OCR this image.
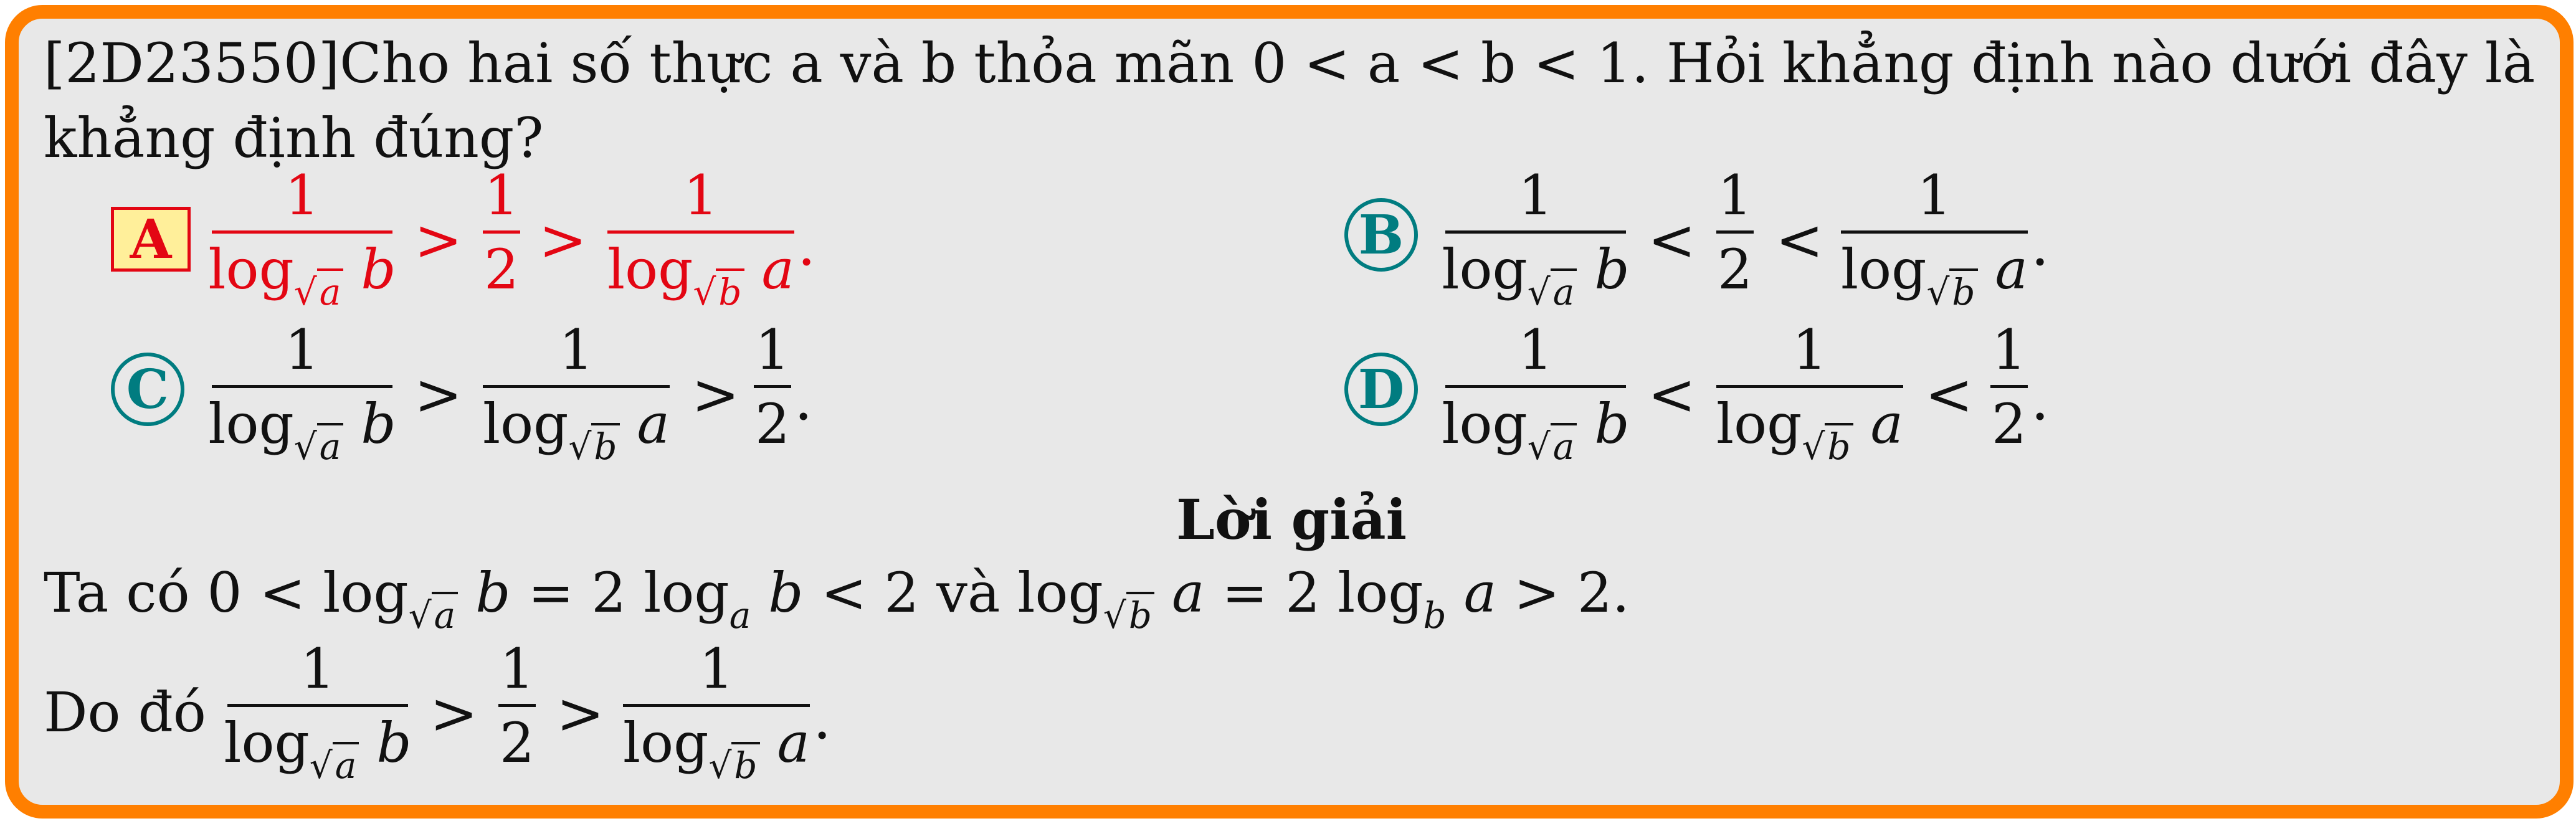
[2D23550]Cho hai số thực a và b thỏa mãn 0 < a < b < 1. Hỏi khẳng định nào dưới đây là
khẳng định đúng?
A
1
$\log_{√a} b$ >
1
2 >
1
$\log_{√b} a$ .	B
1
$\log_{√a} b$ <
1
2 <
1
$\log_{√b} a$ .
C
1
$\log_{√a} b$ >
1
$\log_{√b} a$ >
1
2 .	D
1
$\log_{√a} b$ <
1
$\log_{√b} a$ <
1
2 .
Lời giải
Ta có $0 < \log_{√a} b = 2$ $\log_a b < 2$ và $\log_{√b} a = 2$ $\log_b a > 2$.
Do đó
1
$\log_{√a} b$ >
1
2 >
1
$\log_{√b} a$ .
